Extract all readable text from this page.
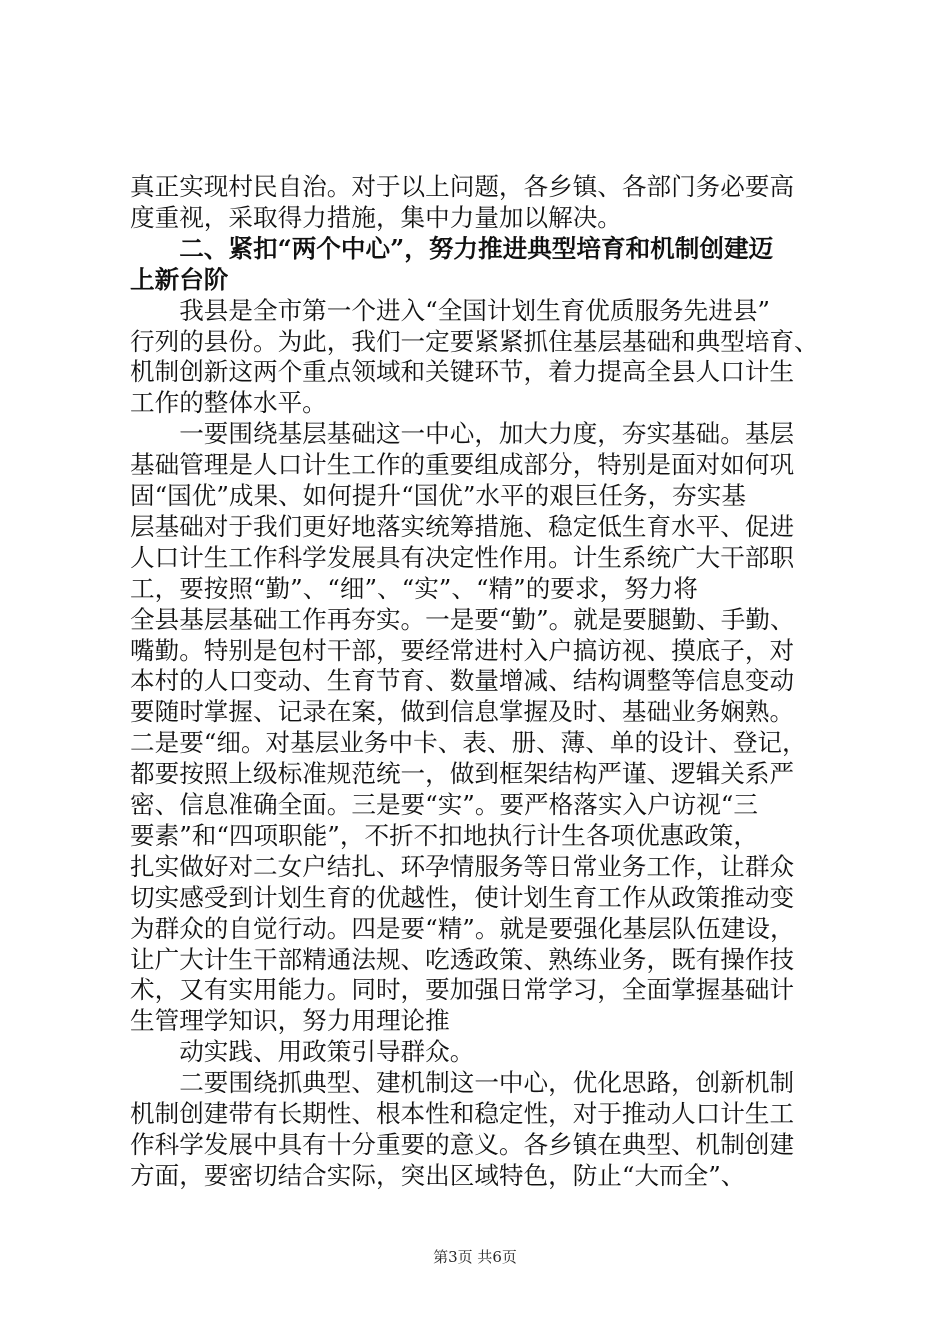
真正实现村民自治。对于以上问题，各乡镇、各部门务必要高
度重视，采取得力措施，集中力量加以解决。
二、紧扣“两个中心”，努力推进典型培育和机制创建迈
上新台阶
我县是全市第一个进入“全国计划生育优质服务先进县”
行列的县份。为此，我们一定要紧紧抓住基层基础和典型培育、
机制创新这两个重点领域和关键环节，着力提高全县人口计生
工作的整体水平。
一要围绕基层基础这一中心，加大力度，夯实基础。基层
基础管理是人口计生工作的重要组成部分，特别是面对如何巩
固“国优”成果、如何提升“国优”水平的艰巨任务，夯实基
层基础对于我们更好地落实统筹措施、稳定低生育水平、促进
人口计生工作科学发展具有决定性作用。计生系统广大干部职
工，要按照“勤”、“细”、“实”、“精”的要求，努力将
全县基层基础工作再夯实。一是要“勤”。就是要腿勤、手勤、
嘴勤。特别是包村干部，要经常进村入户搞访视、摸底子，对
本村的人口变动、生育节育、数量增减、结构调整等信息变动
要随时掌握、记录在案，做到信息掌握及时、基础业务娴熟。
二是要“细。对基层业务中卡、表、册、薄、单的设计、登记，
都要按照上级标准规范统一，做到框架结构严谨、逻辑关系严
密、信息准确全面。三是要“实”。要严格落实入户访视“三
要素”和“四项职能”，不折不扣地执行计生各项优惠政策，
扎实做好对二女户结扎、环孕情服务等日常业务工作，让群众
切实感受到计划生育的优越性，使计划生育工作从政策推动变
为群众的自觉行动。四是要“精”。就是要强化基层队伍建设，
让广大计生干部精通法规、吃透政策、熟练业务，既有操作技
术，又有实用能力。同时，要加强日常学习，全面掌握基础计
生管理学知识，努力用理论推
动实践、用政策引导群众。
二要围绕抓典型、建机制这一中心，优化思路，创新机制
机制创建带有长期性、根本性和稳定性，对于推动人口计生工
作科学发展中具有十分重要的意义。各乡镇在典型、机制创建
方面，要密切结合实际，突出区域特色，防止“大而全”、
第3页 共6页
